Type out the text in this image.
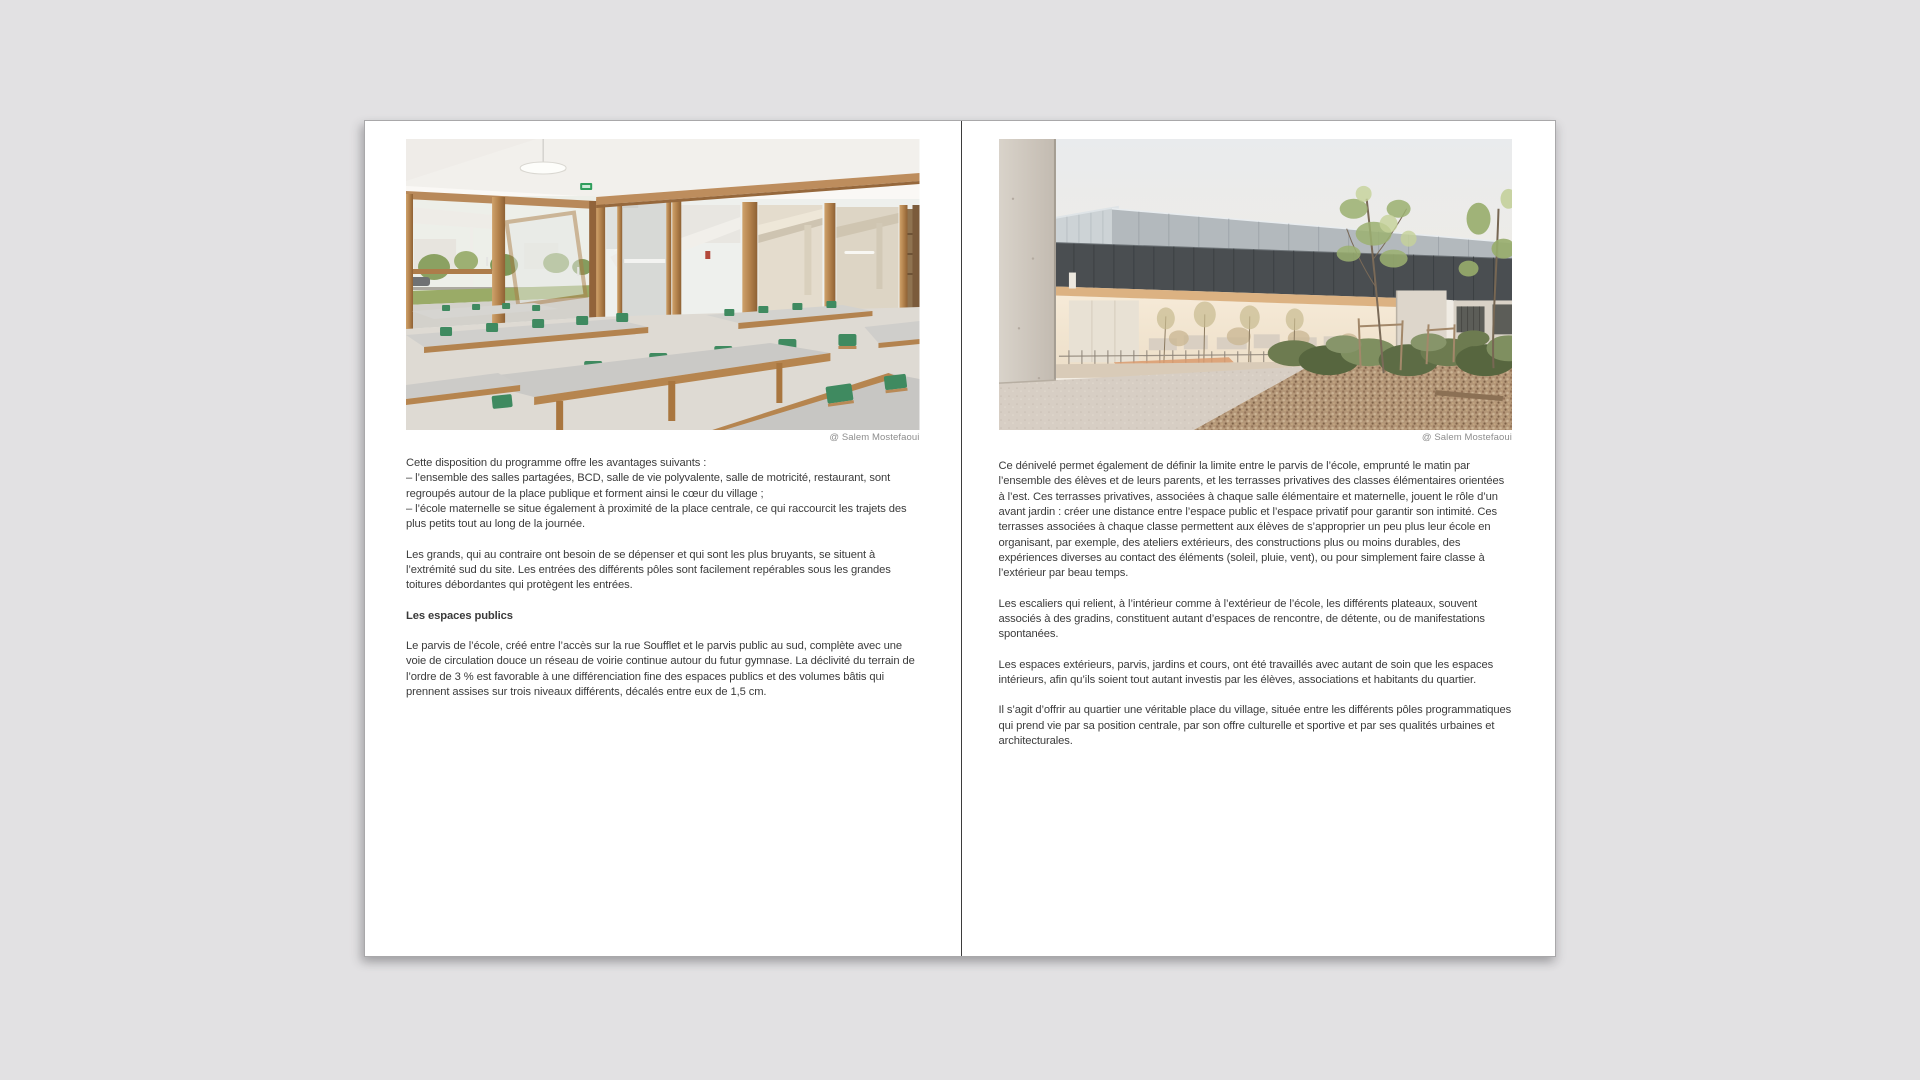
@ Salem Mostefaoui

Cette disposition du programme offre les avantages suivants :

– l’ensemble des salles partagées, BCD, salle de vie polyvalente, salle de motricité, restaurant, sont regroupés autour de la place publique et forment ainsi le cœur du village ;

– l’école maternelle se situe également à proximité de la place centrale, ce qui raccourcit les trajets des plus petits tout au long de la journée.

Les grands, qui au contraire ont besoin de se dépenser et qui sont les plus bruyants, se situent à l’extrémité sud du site. Les entrées des différents pôles sont facilement repérables sous les grandes toitures débordantes qui protègent les entrées.

Les espaces publics

Le parvis de l’école, créé entre l’accès sur la rue Soufflet et le parvis public au sud, complète avec une voie de circulation douce un réseau de voirie continue autour du futur gymnase. La déclivité du terrain de l’ordre de 3 % est favorable à une différenciation fine des espaces publics et des volumes bâtis qui prennent assises sur trois niveaux différents, décalés entre eux de 1,5 cm.

@ Salem Mostefaoui

Ce dénivelé permet également de définir la limite entre le parvis de l’école, emprunté le matin par l’ensemble des élèves et de leurs parents, et les terrasses privatives des classes élémentaires orientées à l’est. Ces terrasses privatives, associées à chaque salle élémentaire et maternelle, jouent le rôle d’un avant jardin : créer une distance entre l’espace public et l’espace privatif pour garantir son intimité. Ces terrasses associées à chaque classe permettent aux élèves de s’approprier un peu plus leur école en organisant, par exemple, des ateliers extérieurs, des constructions plus ou moins durables, des expériences diverses au contact des éléments (soleil, pluie, vent), ou pour simplement faire classe à l’extérieur par beau temps.

Les escaliers qui relient, à l’intérieur comme à l’extérieur de l’école, les différents plateaux, souvent associés à des gradins, constituent autant d’espaces de rencontre, de détente, ou de manifestations spontanées.

Les espaces extérieurs, parvis, jardins et cours, ont été travaillés avec autant de soin que les espaces intérieurs, afin qu’ils soient tout autant investis par les élèves, associations et habitants du quartier.

Il s’agit d’offrir au quartier une véritable place du village, située entre les différents pôles programmatiques qui prend vie par sa position centrale, par son offre culturelle et sportive et par ses qualités urbaines et architecturales.
